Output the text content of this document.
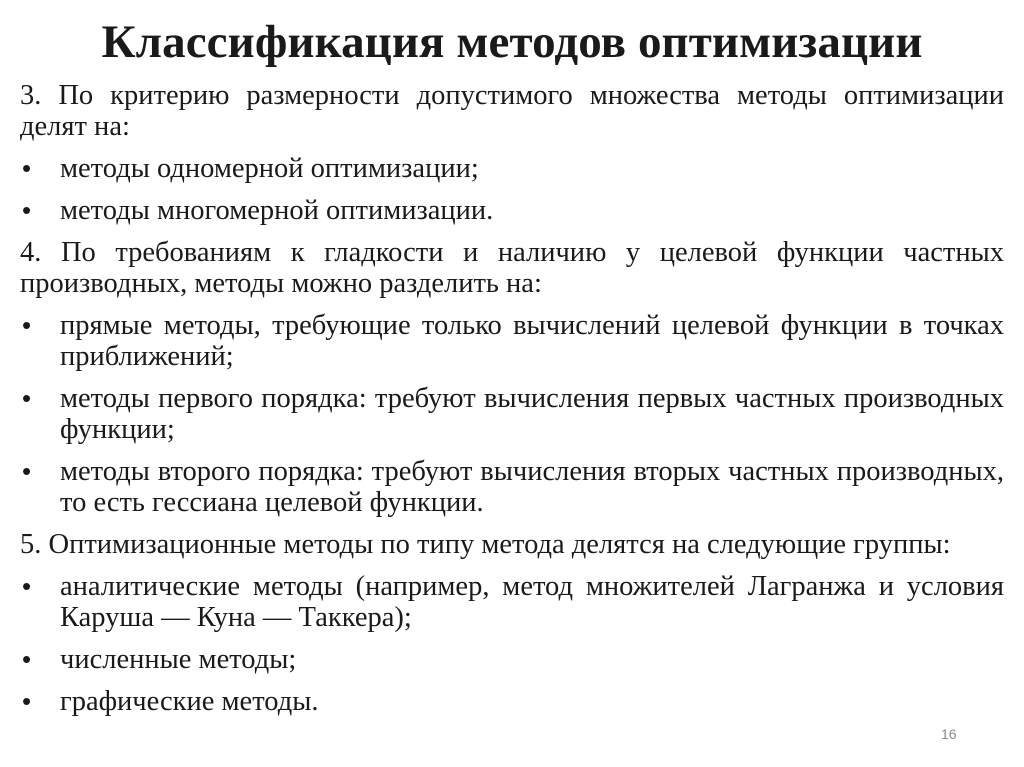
Классификация методов оптимизации

3. По критерию размерности допустимого множества методы оптимизации делят на:

• методы одномерной оптимизации;
• методы многомерной оптимизации.

4. По требованиям к гладкости и наличию у целевой функции частных производных, методы можно разделить на:

• прямые методы, требующие только вычислений целевой функции в точках приближений;
• методы первого порядка: требуют вычисления первых частных производных функции;
• методы второго порядка: требуют вычисления вторых частных производных, то есть гессиана целевой функции.

5. Оптимизационные методы по типу метода делятся на следующие группы:

• аналитические методы (например, метод множителей Лагранжа и условия Каруша — Куна — Таккера);
• численные методы;
• графические методы.
16
